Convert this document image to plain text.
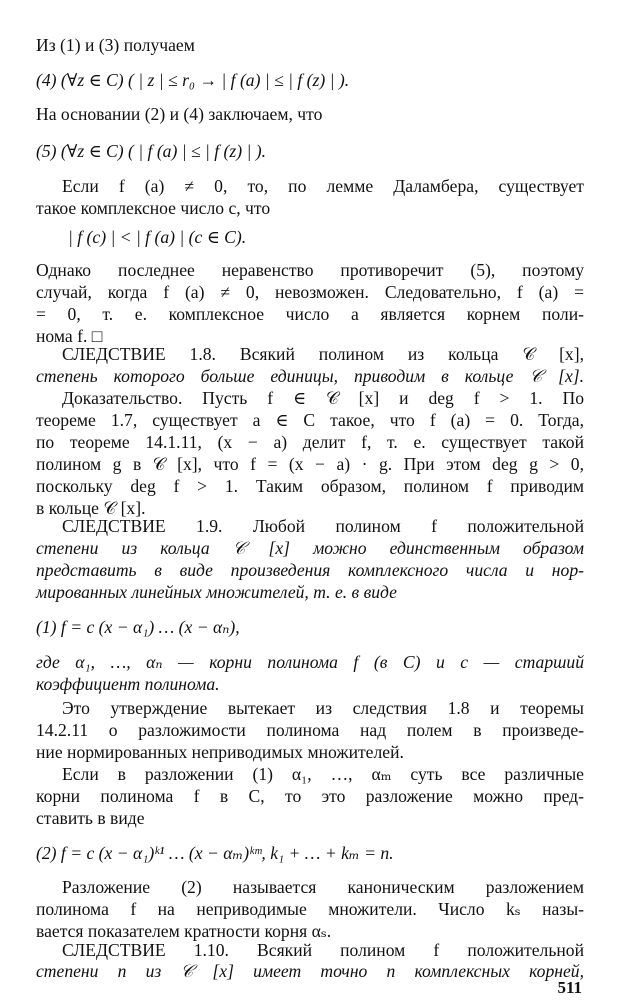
Из (1) и (3) получаем
(4) (∀z ∈ C) ( | z | ≤ r₀ → | f (a) | ≤ | f (z) | ).
На основании (2) и (4) заключаем, что
(5) (∀z ∈ C) ( | f (a) | ≤ | f (z) | ).
Если f (a) ≠ 0, то, по лемме Даламбера, существует
такое комплексное число c, что
| f (c) | < | f (a) | (c ∈ C).
Однако последнее неравенство противоречит (5), поэтому
случай, когда f (a) ≠ 0, невозможен. Следовательно, f (a) =
= 0, т. е. комплексное число a является корнем поли-
нома f. □
СЛЕДСТВИЕ 1.8. Всякий полином из кольца 𝒞 [x],
степень которого больше единицы, приводим в кольце 𝒞 [x].
Доказательство. Пусть f ∈ 𝒞 [x] и deg f > 1. По
теореме 1.7, существует a ∈ C такое, что f (a) = 0. Тогда,
по теореме 14.1.11, (x − a) делит f, т. е. существует такой
полином g в 𝒞 [x], что f = (x − a) · g. При этом deg g > 0,
поскольку deg f > 1. Таким образом, полином f приводим
в кольце 𝒞 [x].
СЛЕДСТВИЕ 1.9. Любой полином f положительной
степени из кольца 𝒞 [x] можно единственным образом
представить в виде произведения комплексного числа и нор-
мированных линейных множителей, т. е. в виде
(1) f = c (x − α₁) … (x − αₙ),
где α₁, …, αₙ — корни полинома f (в C) и c — старший
коэффициент полинома.
Это утверждение вытекает из следствия 1.8 и теоремы
14.2.11 о разложимости полинома над полем в произведе-
ние нормированных неприводимых множителей.
Если в разложении (1) α₁, …, αₘ суть все различные
корни полинома f в C, то это разложение можно пред-
ставить в виде
(2) f = c (x − α₁)ᵏ¹ … (x − αₘ)ᵏᵐ, k₁ + … + kₘ = n.
Разложение (2) называется каноническим разложением
полинома f на неприводимые множители. Число kₛ назы-
вается показателем кратности корня αₛ.
СЛЕДСТВИЕ 1.10. Всякий полином f положительной
степени n из 𝒞 [x] имеет точно n комплексных корней,
511
